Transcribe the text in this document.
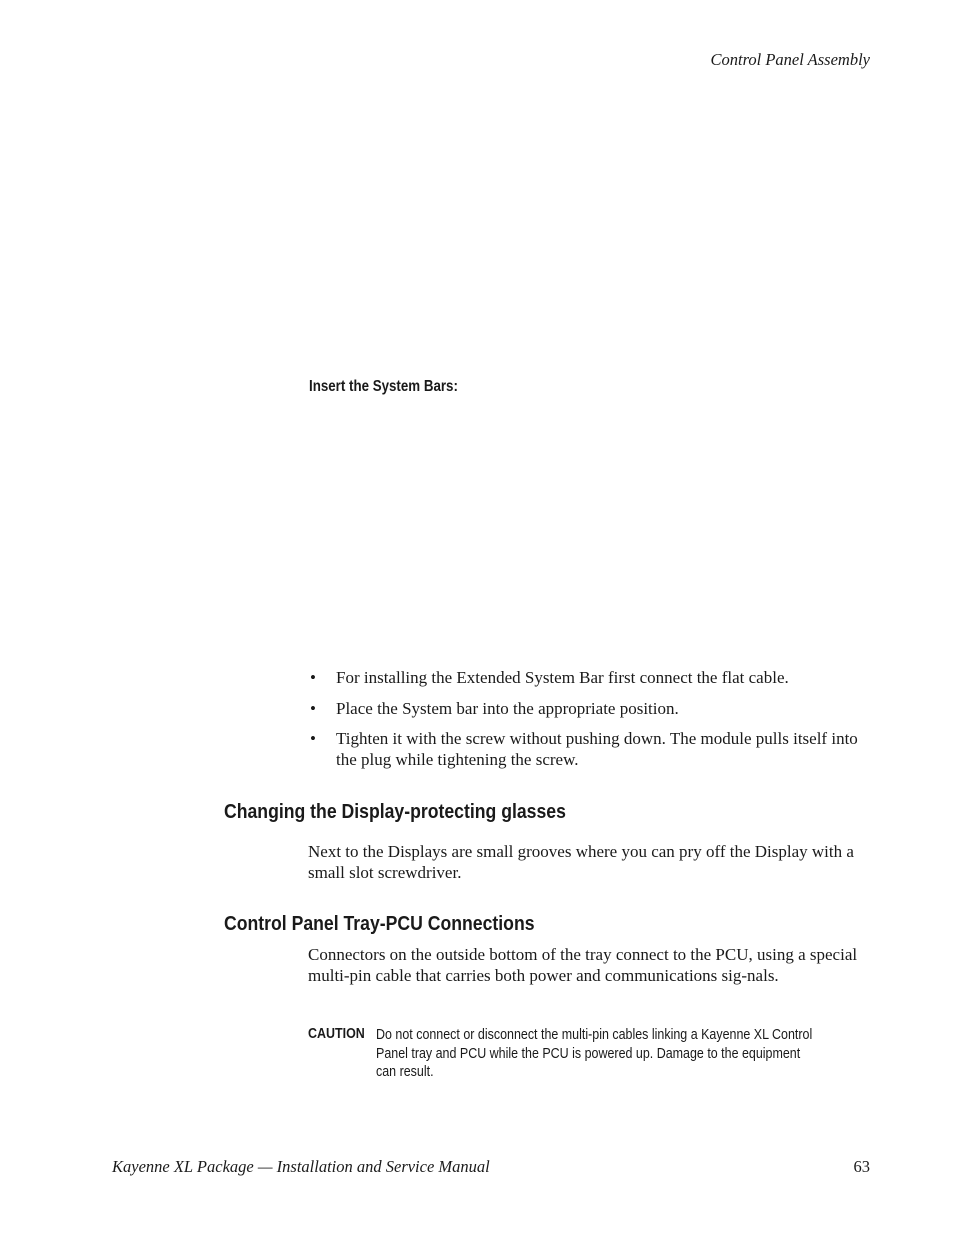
Control Panel Assembly
Insert the System Bars:
• For installing the Extended System Bar first connect the flat cable.
• Place the System bar into the appropriate position.
• Tighten it with the screw without pushing down. The module pulls itself into the plug while tightening the screw.
Changing the Display-protecting glasses

Next to the Displays are small grooves where you can pry off the Display with a small slot screwdriver.

Control Panel Tray-PCU Connections

Connectors on the outside bottom of the tray connect to the PCU, using a special multi-pin cable that carries both power and communications sig-nals.

CAUTION Do not connect or disconnect the multi-pin cables linking a Kayenne XL Control Panel tray and PCU while the PCU is powered up. Damage to the equipment can result.

Kayenne XL Package — Installation and Service Manual	63
